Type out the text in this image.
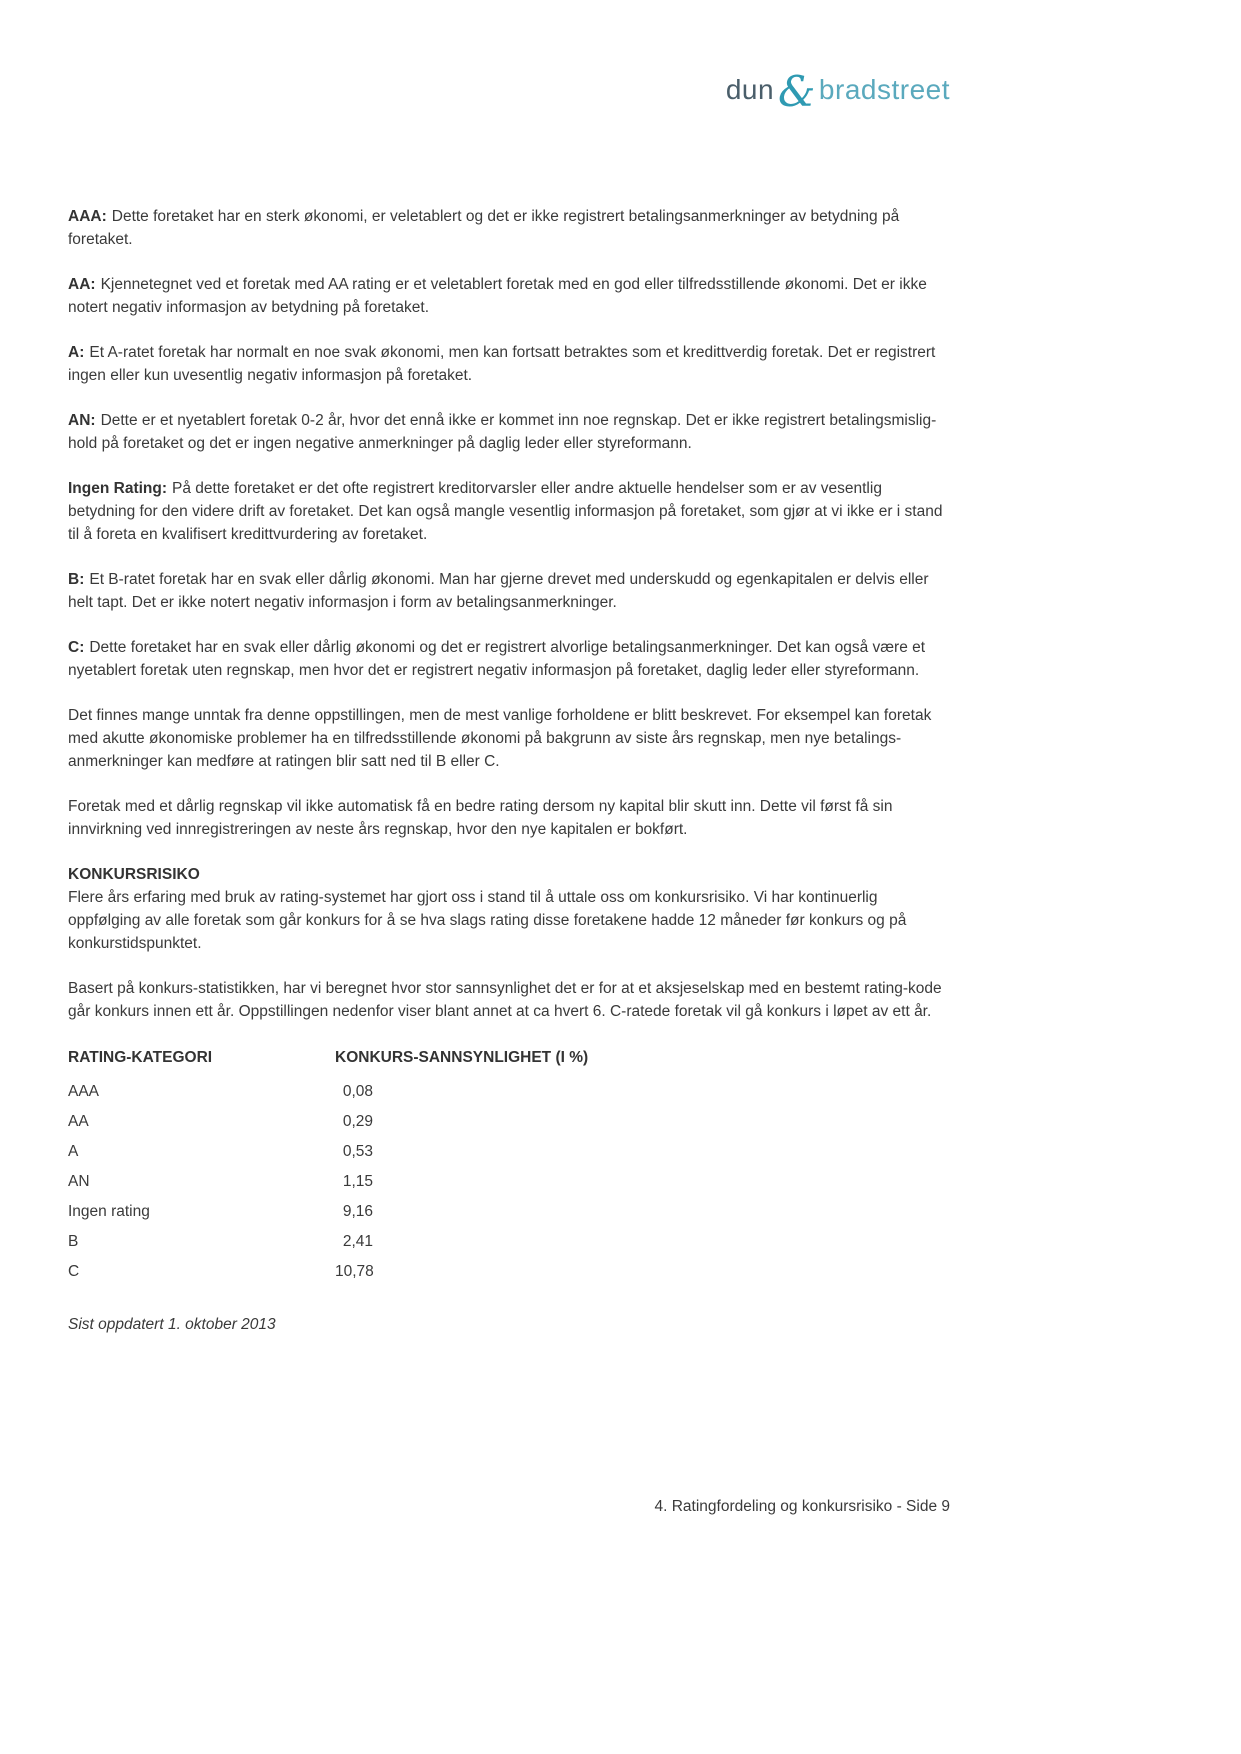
dun& bradstreet

AAA: Dette foretaket har en sterk økonomi, er veletablert og det er ikke registrert betalingsanmerkninger av betydning på foretaket.

AA: Kjennetegnet ved et foretak med AA rating er et veletablert foretak med en god eller tilfredsstillende økonomi. Det er ikke notert negativ informasjon av betydning på foretaket.

A: Et A-ratet foretak har normalt en noe svak økonomi, men kan fortsatt betraktes som et kredittverdig foretak. Det er registrert ingen eller kun uvesentlig negativ informasjon på foretaket.

AN: Dette er et nyetablert foretak 0-2 år, hvor det ennå ikke er kommet inn noe regnskap. Det er ikke registrert betalingsmislig- hold på foretaket og det er ingen negative anmerkninger på daglig leder eller styreformann.

Ingen Rating: På dette foretaket er det ofte registrert kreditorvarsler eller andre aktuelle hendelser som er av vesentlig betydning for den videre drift av foretaket. Det kan også mangle vesentlig informasjon på foretaket, som gjør at vi ikke er i stand til å foreta en kvalifisert kredittvurdering av foretaket.

B: Et B-ratet foretak har en svak eller dårlig økonomi. Man har gjerne drevet med underskudd og egenkapitalen er delvis eller helt tapt. Det er ikke notert negativ informasjon i form av betalingsanmerkninger.

C: Dette foretaket har en svak eller dårlig økonomi og det er registrert alvorlige betalingsanmerkninger. Det kan også være et nyetablert foretak uten regnskap, men hvor det er registrert negativ informasjon på foretaket, daglig leder eller styreformann.

Det finnes mange unntak fra denne oppstillingen, men de mest vanlige forholdene er blitt beskrevet. For eksempel kan foretak med akutte økonomiske problemer ha en tilfredsstillende økonomi på bakgrunn av siste års regnskap, men nye betalings- anmerkninger kan medføre at ratingen blir satt ned til B eller C.

Foretak med et dårlig regnskap vil ikke automatisk få en bedre rating dersom ny kapital blir skutt inn. Dette vil først få sin innvirkning ved innregistreringen av neste års regnskap, hvor den nye kapitalen er bokført.

KONKURSRISIKO

Flere års erfaring med bruk av rating-systemet har gjort oss i stand til å uttale oss om konkursrisiko. Vi har kontinuerlig oppfølging av alle foretak som går konkurs for å se hva slags rating disse foretakene hadde 12 måneder før konkurs og på konkurstidspunktet.

Basert på konkurs-statistikken, har vi beregnet hvor stor sannsynlighet det er for at et aksjeselskap med en bestemt rating-kode går konkurs innen ett år. Oppstillingen nedenfor viser blant annet at ca hvert 6. C-ratede foretak vil gå konkurs i løpet av ett år.

RATING-KATEGORI	KONKURS-SANNSYNLIGHET (I %)
AAA	0,08
AA	0,29
A	0,53
AN	1,15
Ingen rating	9,16
B	2,41
C	10,78

Sist oppdatert 1. oktober 2013

4. Ratingfordeling og konkursrisiko - Side 9
